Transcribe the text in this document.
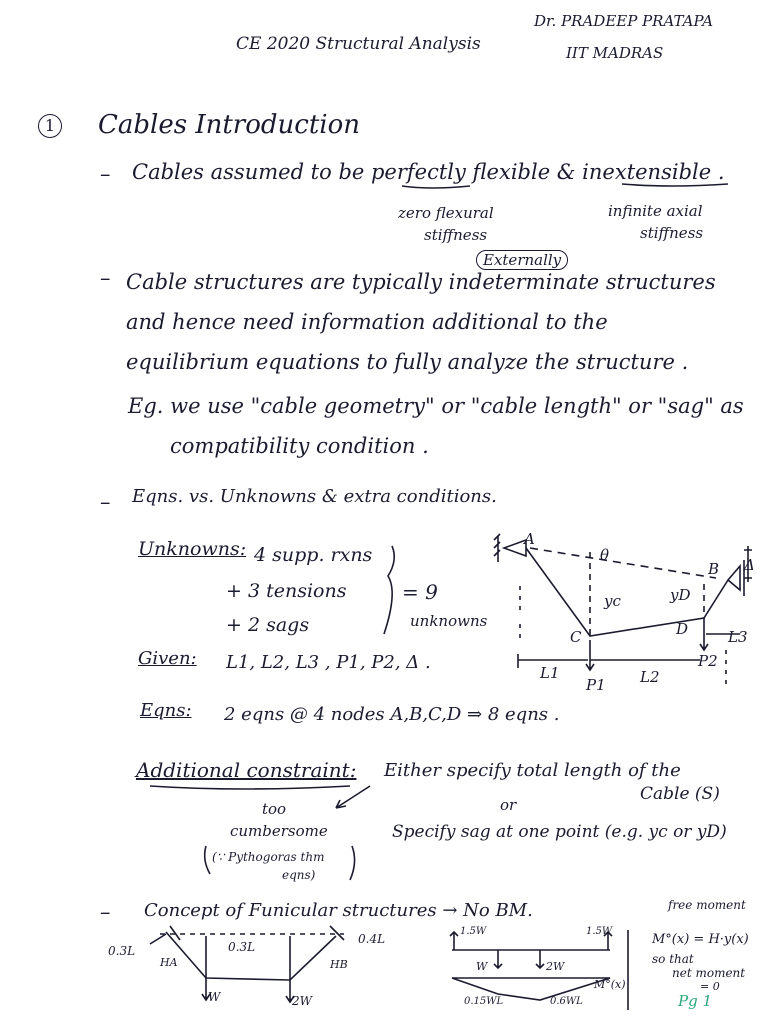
CE 2020 Structural Analysis
Dr. PRADEEP PRATAPA
IIT MADRAS
1 Cables Introduction
– Cables assumed to be perfectly flexible & inextensible .
zero flexural
stiffness
infinite axial
stiffness
–
Externally
Cable structures are typically indeterminate structures
and hence need information additional to the
equilibrium equations to fully analyze the structure .
Eg. we use "cable geometry" or "cable length" or "sag" as
compatibility condition .
– Eqns. vs. Unknowns & extra conditions.
Unknowns: 4 supp. rxns
+ 3 tensions
+ 2 sags
= 9
unknowns
Given: L1, L2, L3 , P1, P2, Δ .
Eqns: 2 eqns @ 4 nodes A,B,C,D ⇒ 8 eqns .
Additional constraint: Either specify total length of the
Cable (S)
or
Specify sag at one point (e.g. yc or yD)
too
cumbersome
(∵ Pythogoras thm
eqns)
– Concept of Funicular structures → No BM.	free moment
M°(x) = H·y(x)
so that
net moment
= 0
Pg 1
0.3L	0.3L
0.4L
HA	HB
W	2W
1.5W	1.5W
W	2W
M°(x)
0.15WL	0.6WL
A
B
C	D
θ
yc	yD
Δ
L1	L2
L3
P1
P2
